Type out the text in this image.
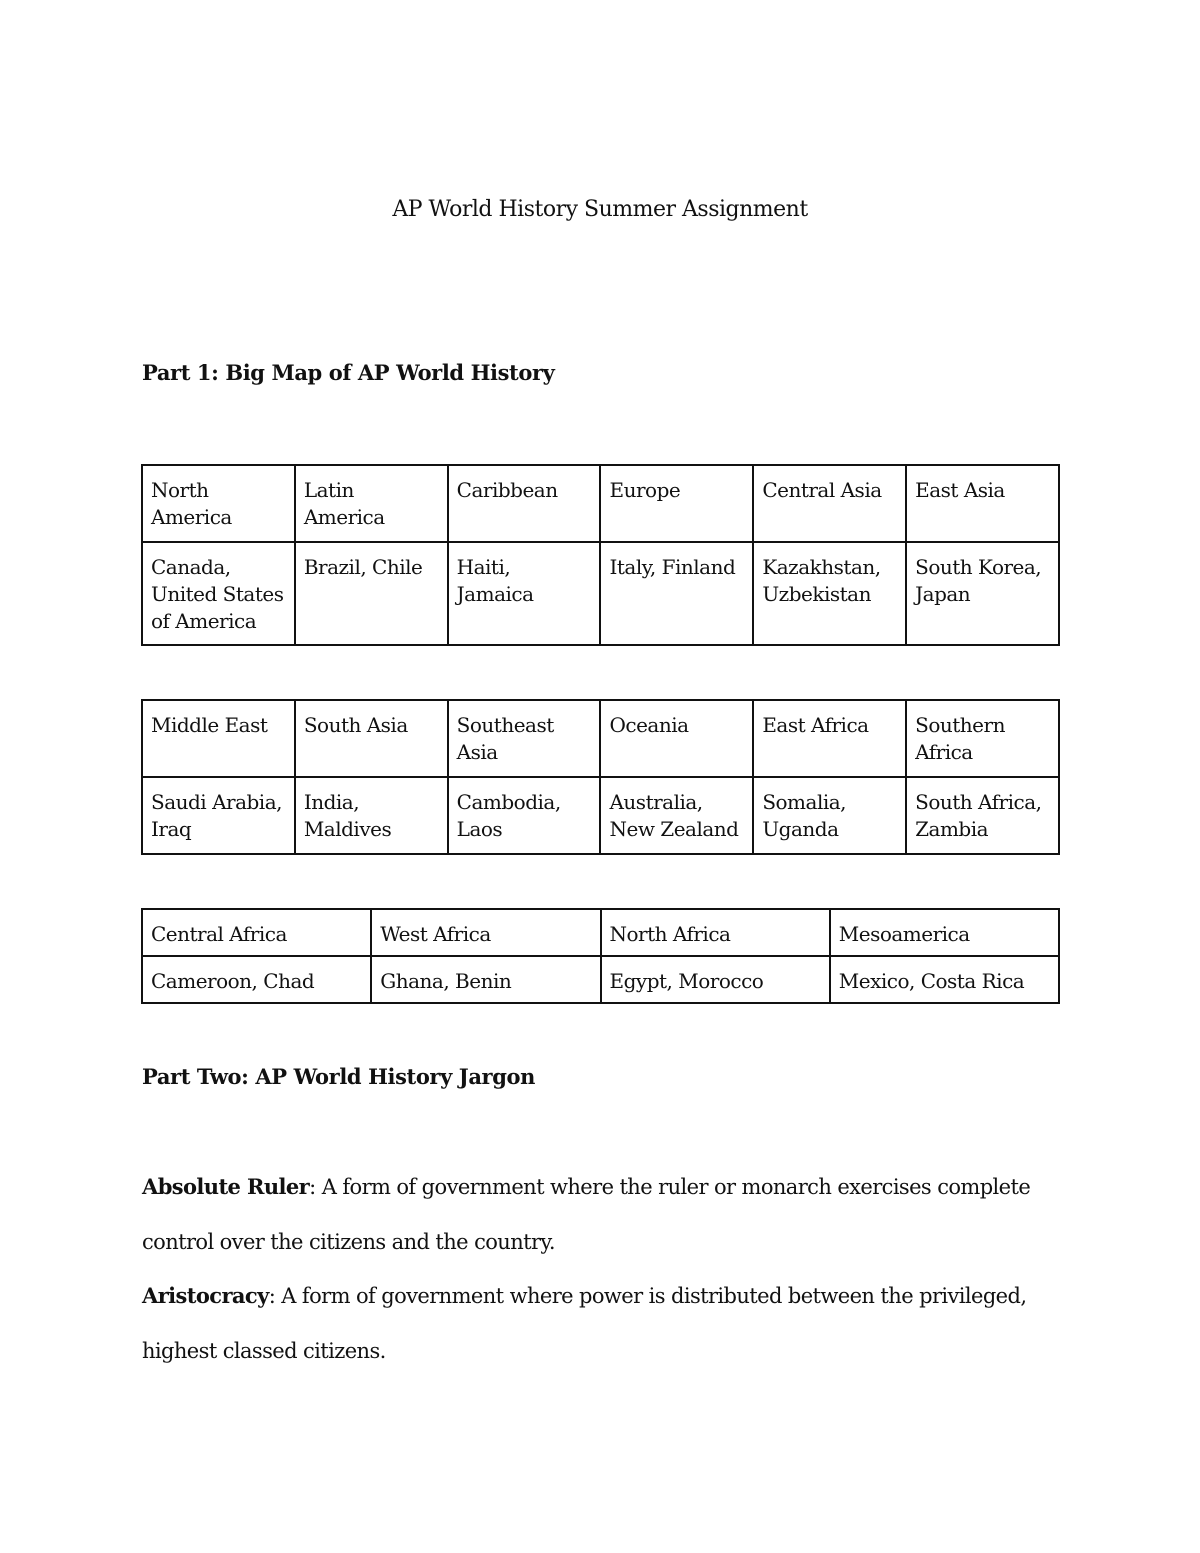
AP World History Summer Assignment
Part 1: Big Map of AP World History
North America	Latin America	Caribbean	Europe	Central Asia	East Asia
Canada, United States of America	Brazil, Chile	Haiti, Jamaica	Italy, Finland	Kazakhstan, Uzbekistan	South Korea, Japan
Middle East	South Asia	Southeast Asia	Oceania	East Africa	Southern Africa
Saudi Arabia, Iraq	India, Maldives	Cambodia, Laos	Australia, New Zealand	Somalia, Uganda	South Africa, Zambia
Central Africa	West Africa	North Africa	Mesoamerica
Cameroon, Chad	Ghana, Benin	Egypt, Morocco	Mexico, Costa Rica
Part Two: AP World History Jargon

Absolute Ruler: A form of government where the ruler or monarch exercises complete control over the citizens and the country.

Aristocracy: A form of government where power is distributed between the privileged, highest classed citizens.
